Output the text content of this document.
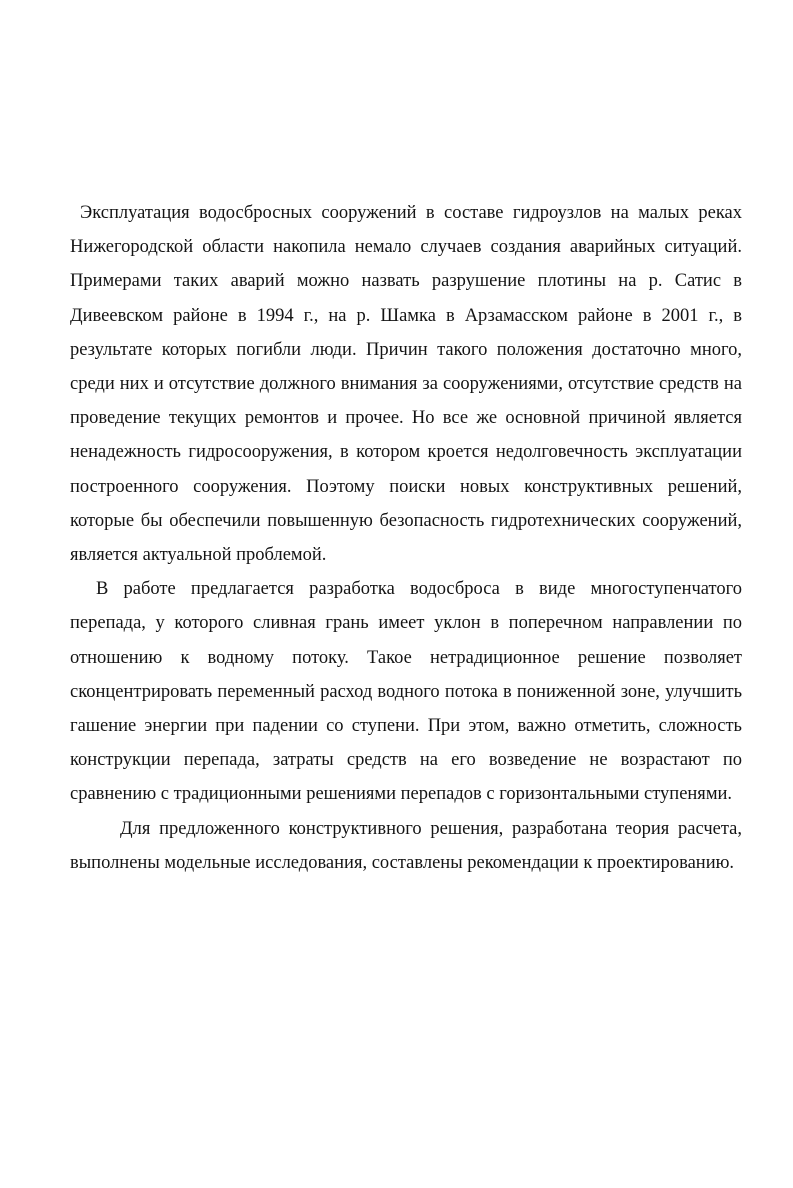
Эксплуатация водосбросных сооружений в составе гидроузлов на малых реках Нижегородской области накопила немало случаев создания аварийных ситуаций. Примерами таких аварий можно назвать разрушение плотины на р. Сатис в Дивеевском районе в 1994 г., на р. Шамка в Арзамасском районе в 2001 г., в результате которых погибли люди. Причин такого положения достаточно много, среди них и отсутствие должного внимания за сооружениями, отсутствие средств на проведение текущих ремонтов и прочее. Но все же основной причиной является ненадежность гидросооружения, в котором кроется недолговечность эксплуатации построенного сооружения. Поэтому поиски новых конструктивных решений, которые бы обеспечили повышенную безопасность гидротехнических сооружений, является актуальной проблемой.

В работе предлагается разработка водосброса в виде многоступенчатого перепада, у которого сливная грань имеет уклон в поперечном направлении по отношению к водному потоку. Такое нетрадиционное решение позволяет сконцентрировать переменный расход водного потока в пониженной зоне, улучшить гашение энергии при падении со ступени. При этом, важно отметить, сложность конструкции перепада, затраты средств на его возведение не возрастают по сравнению с традиционными решениями перепадов с горизонтальными ступенями.

Для предложенного конструктивного решения, разработана теория расчета, выполнены модельные исследования, составлены рекомендации к проектированию.
